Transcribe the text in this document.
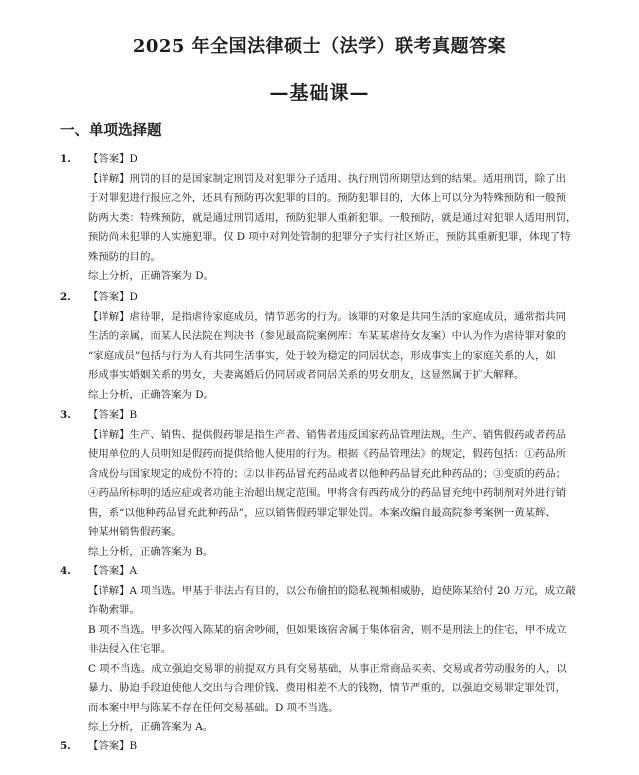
2025 年全国法律硕士（法学）联考真题答案
—基础课—
一、单项选择题
1. 【答案】D
【详解】刑罚的目的是国家制定刑罚及对犯罪分子适用、执行刑罚所期望达到的结果。适用刑罚，除了出
于对罪犯进行报应之外，还具有预防再次犯罪的目的。预防犯罪目的，大体上可以分为特殊预防和一般预
防两大类：特殊预防，就是通过刑罚适用，预防犯罪人重新犯罪。一般预防，就是通过对犯罪人适用刑罚，
预防尚未犯罪的人实施犯罪。仅 D 项中对判处管制的犯罪分子实行社区矫正，预防其重新犯罪，体现了特
殊预防的目的。
综上分析，正确答案为 D。
2. 【答案】D
【详解】虐待罪，是指虐待家庭成员，情节恶劣的行为。该罪的对象是共同生活的家庭成员，通常指共同
生活的亲属，而某人民法院在判决书（参见最高院案例库：车某某虐待女友案）中认为作为虐待罪对象的
“家庭成员”包括与行为人有共同生活事实，处于较为稳定的同居状态，形成事实上的家庭关系的人，如
形成事实婚姻关系的男女，夫妻离婚后仍同居或者同居关系的男女朋友，这显然属于扩大解释。
综上分析，正确答案为 D。
3. 【答案】B
【详解】生产、销售、提供假药罪是指生产者、销售者违反国家药品管理法规，生产、销售假药或者药品
使用单位的人员明知是假药而提供给他人使用的行为。根据《药品管理法》的规定，假药包括：①药品所
含成份与国家规定的成份不符的；②以非药品冒充药品或者以他种药品冒充此种药品的；③变质的药品；
④药品所标明的适应症或者功能主治超出规定范围。甲将含有西药成分的药品冒充纯中药制剂对外进行销
售，系“以他种药品冒充此种药品”，应以销售假药罪定罪处罚。本案改编自最高院参考案例一黄某辉、
钟某州销售假药案。
综上分析，正确答案为 B。
4. 【答案】A
【详解】A 项当选。甲基于非法占有目的，以公布偷拍的隐私视频相威胁，迫使陈某给付 20 万元，成立敲
诈勒索罪。
B 项不当选。甲多次闯入陈某的宿舍吵闹，但如果该宿舍属于集体宿舍，则不是刑法上的住宅，甲不成立
非法侵入住宅罪。
C 项不当选。成立强迫交易罪的前提双方具有交易基础，从事正常商品买卖、交易或者劳动服务的人，以
暴力、胁迫手段迫使他人交出与合理价钱、费用相差不大的钱物，情节严重的，以强迫交易罪定罪处罚，
而本案中甲与陈某不存在任何交易基础。D 项不当选。
综上分析，正确答案为 A。
5. 【答案】B
